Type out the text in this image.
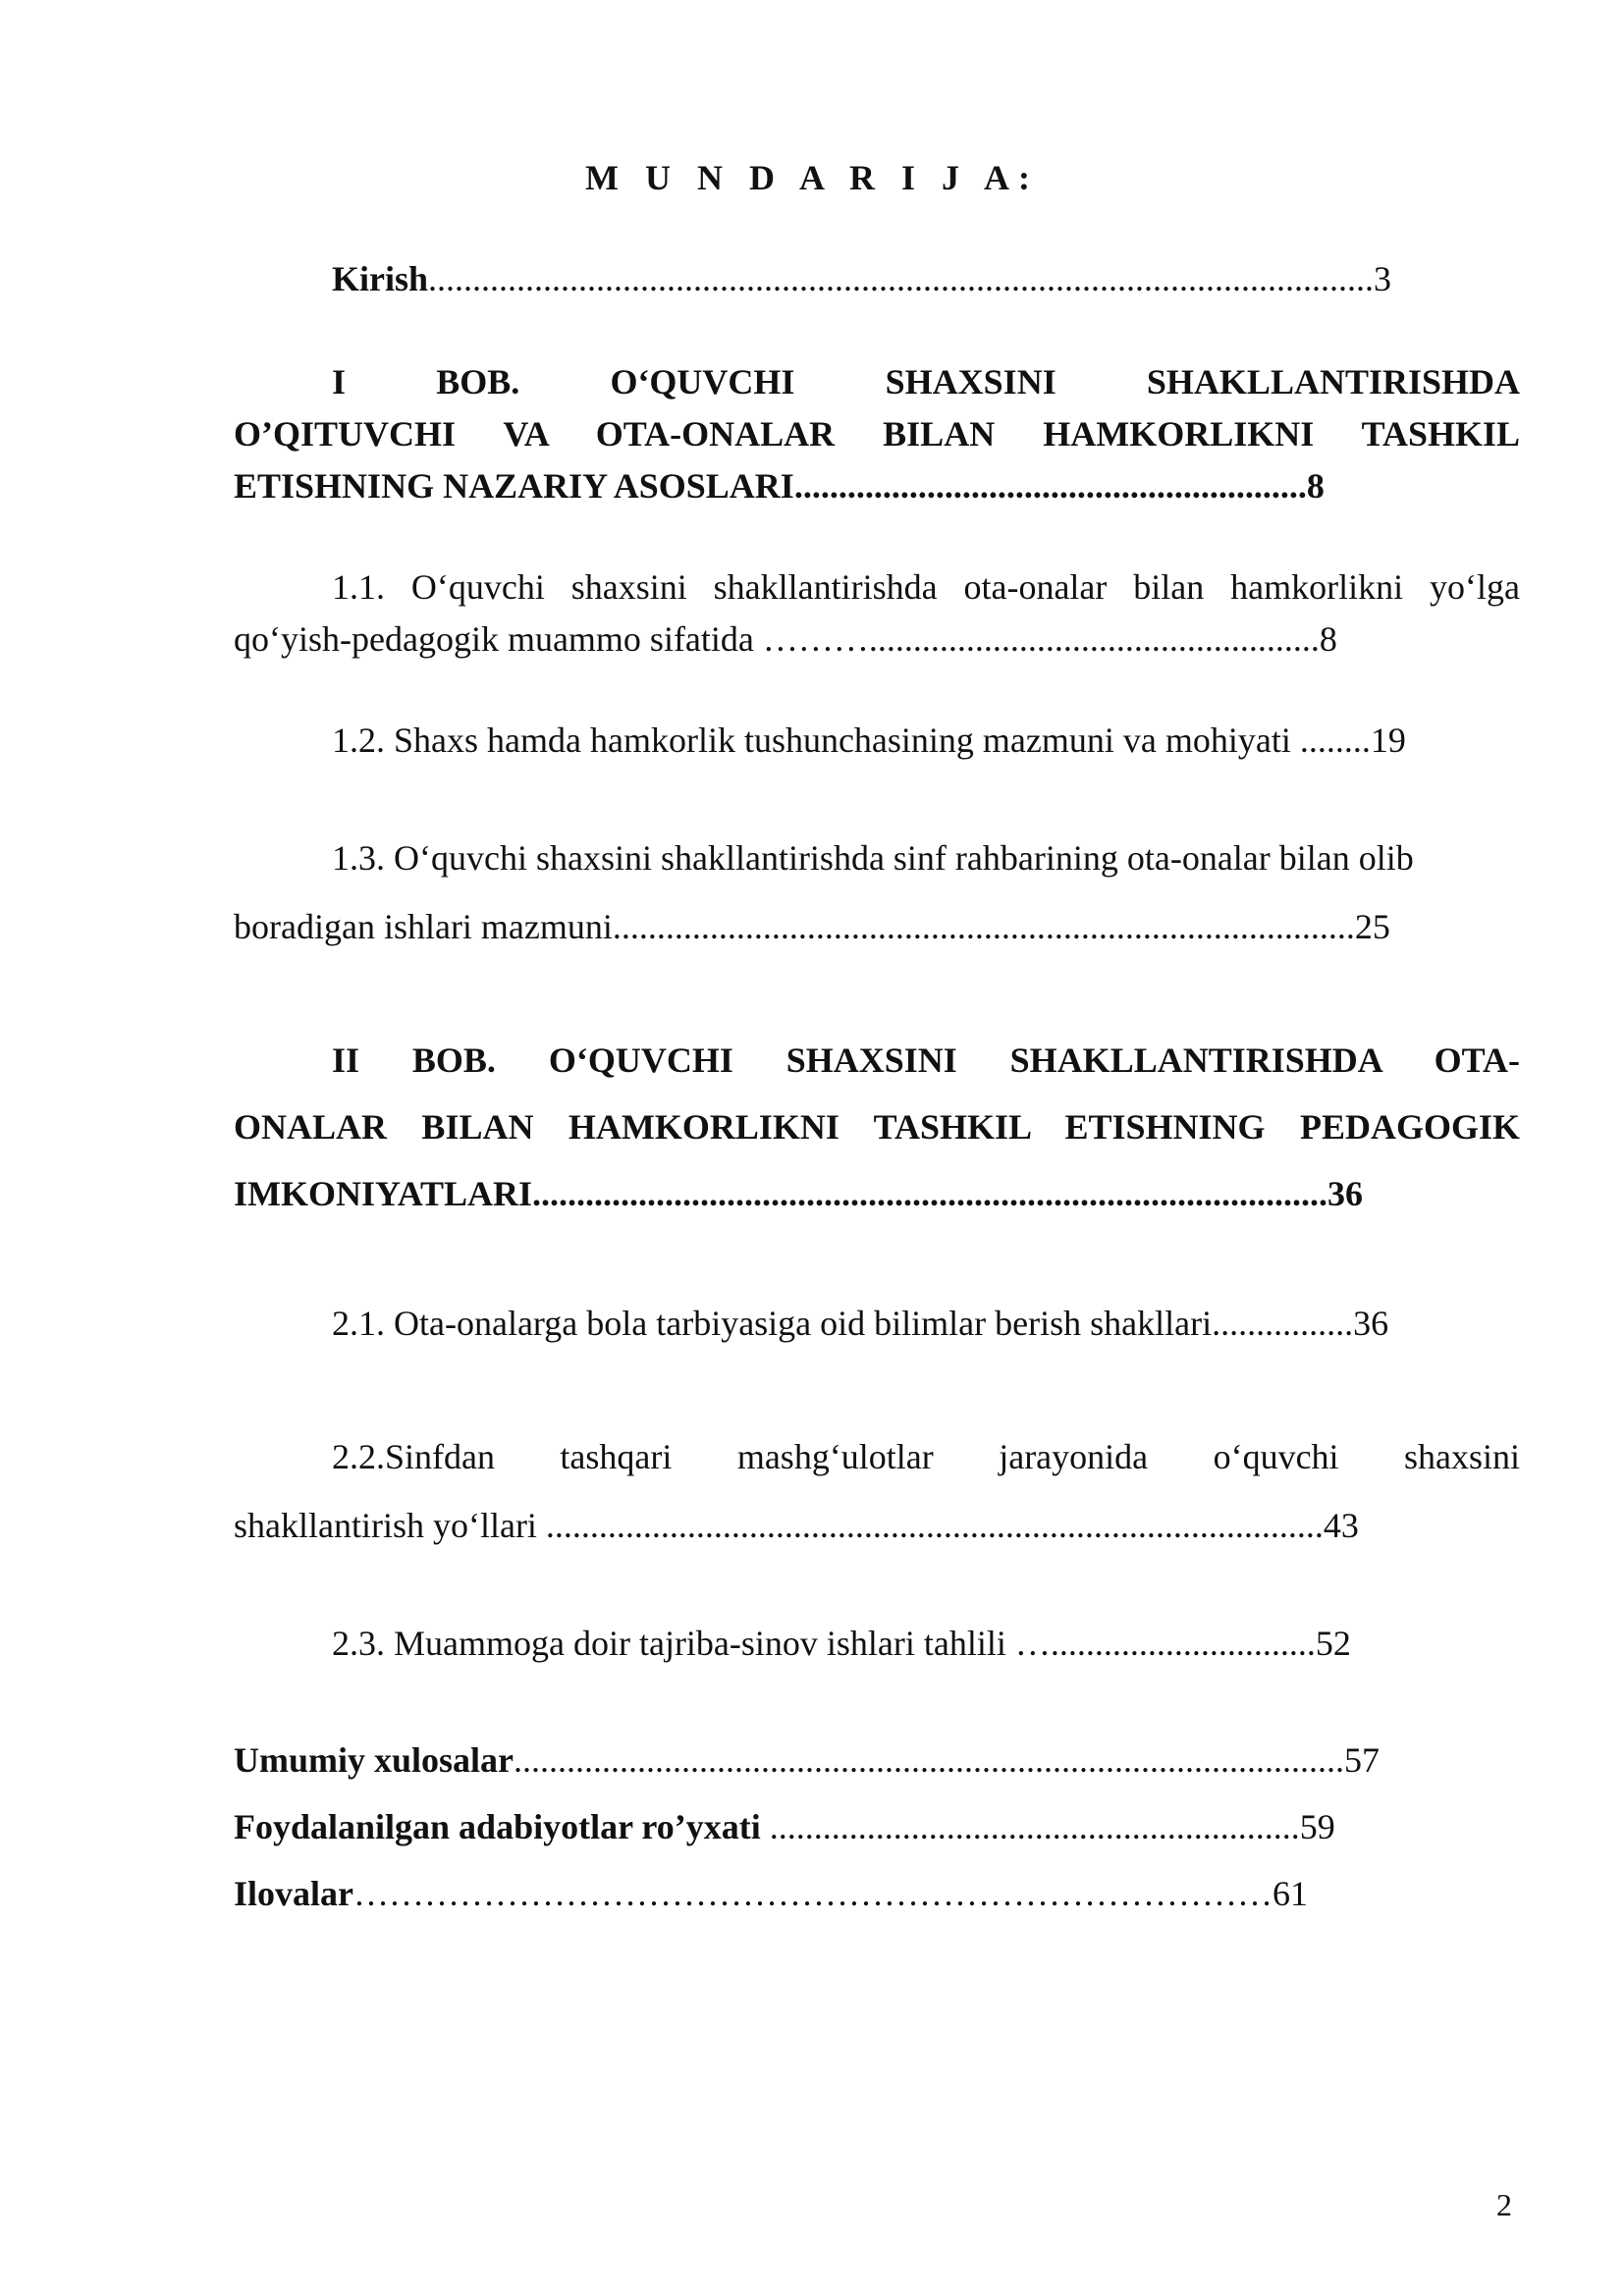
M U N D A R I J A:
Kirish...........................................................................................................3
I BOB. O‘QUVCHI SHAXSINI SHAKLLANTIRISHDA
O’QITUVCHI VA OTA-ONALAR BILAN HAMKORLIKNI TASHKIL
ETISHNING NAZARIY ASOSLARI..........................................................8
1.1. O‘quvchi shaxsini shakllantirishda ota-onalar bilan hamkorlikni yo‘lga
qo‘yish-pedagogik muammo sifatida ………...................................................8
1.2. Shaxs hamda hamkorlik tushunchasining mazmuni va mohiyati ........19
1.3. O‘quvchi shaxsini shakllantirishda sinf rahbarining ota-onalar bilan olib
boradigan ishlari mazmuni....................................................................................25
II BOB. O‘QUVCHI SHAXSINI SHAKLLANTIRISHDA OTA-
ONALAR BILAN HAMKORLIKNI TASHKIL ETISHNING PEDAGOGIK
IMKONIYATLARI..........................................................................................36
2.1. Ota-onalarga bola tarbiyasiga oid bilimlar berish shakllari................36
2.2.Sinfdan tashqari mashg‘ulotlar jarayonida o‘quvchi shaxsini
shakllantirish yo‘llari ........................................................................................43
2.3. Muammoga doir tajriba-sinov ishlari tahlili …..............................52
Umumiy xulosalar..............................................................................................57
Foydalanilgan adabiyotlar ro’yxati ............................................................59
Ilovalar……………………………………………………………………61
2
